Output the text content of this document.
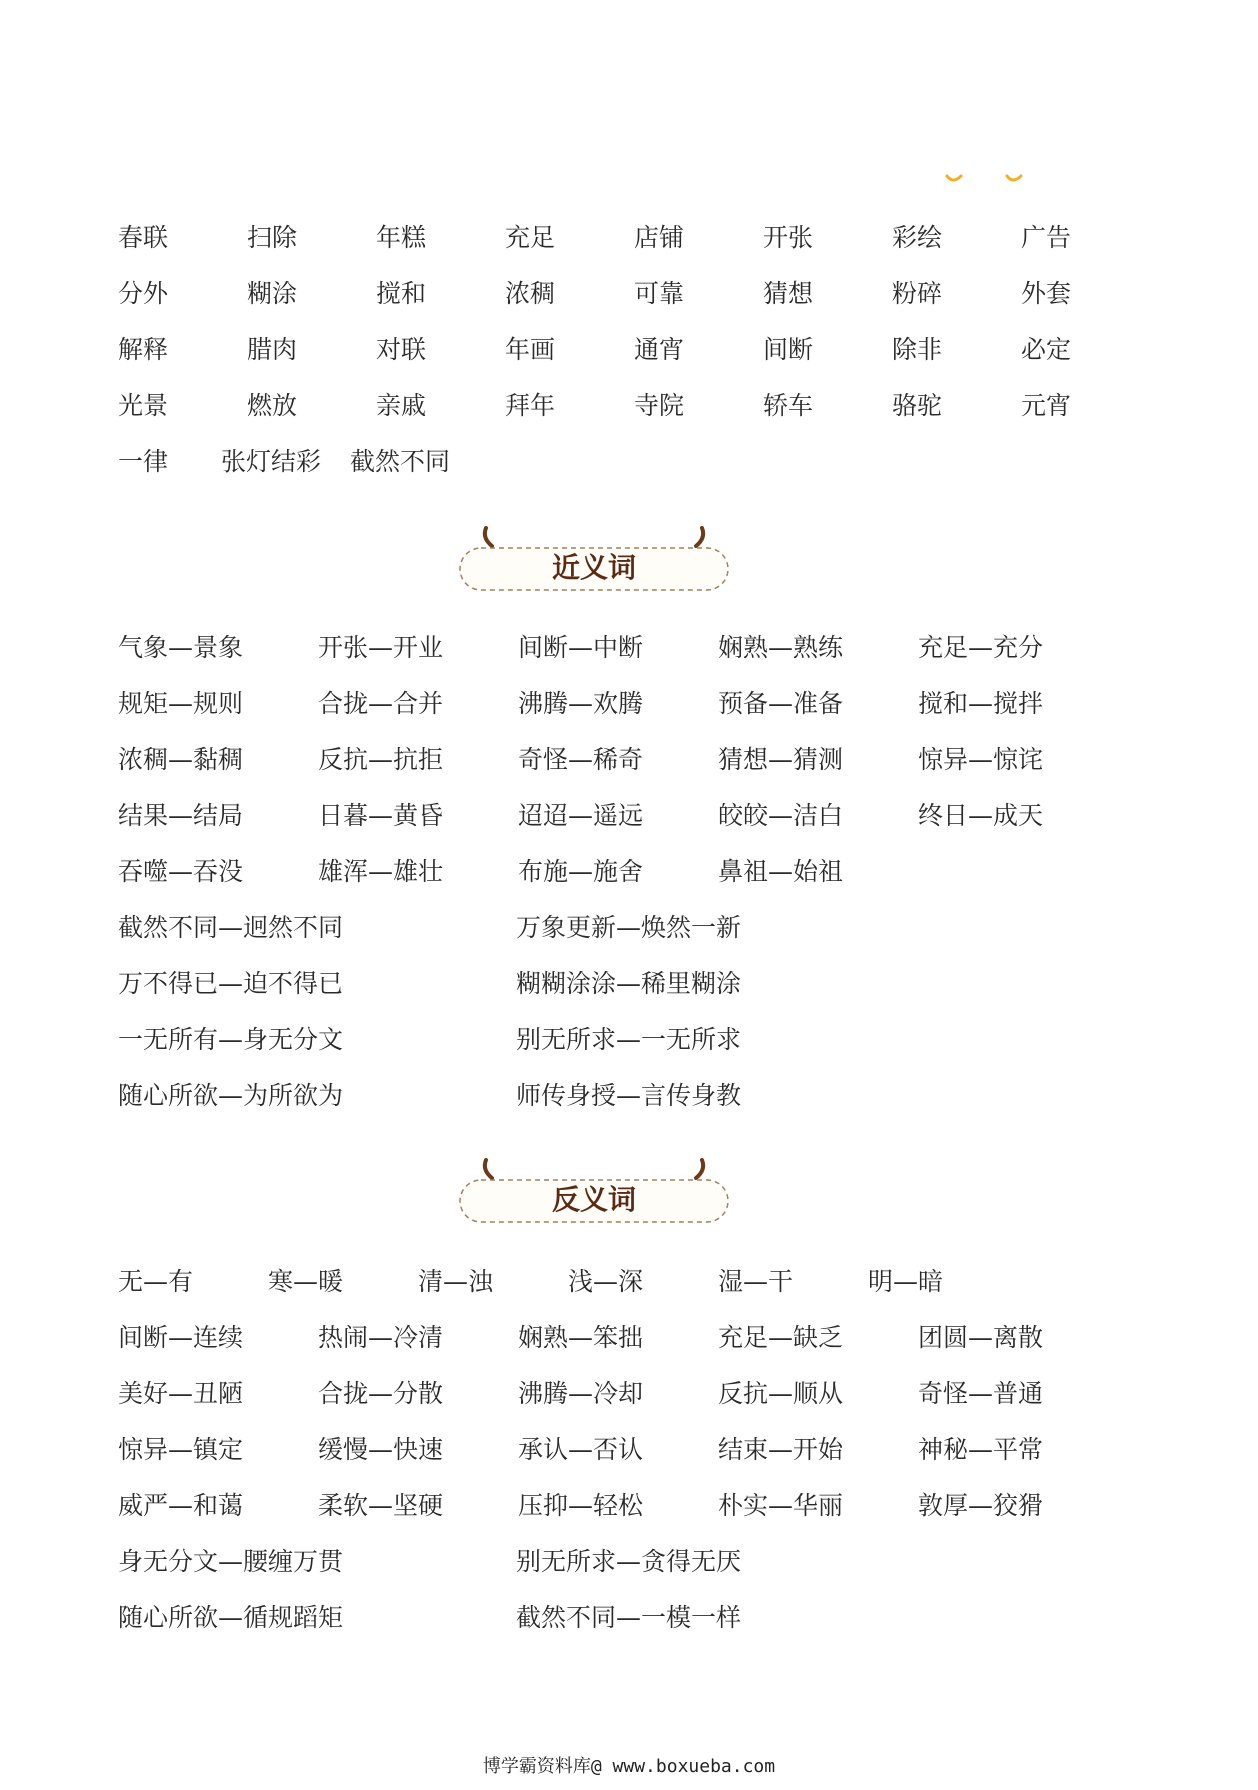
春联	扫除	年糕	充足	店铺	开张	彩绘	广告
分外	糊涂	搅和	浓稠	可靠	猜想	粉碎	外套
解释	腊肉	对联	年画	通宵	间断	除非	必定
光景	燃放	亲戚	拜年	寺院	轿车	骆驼	元宵
一律 张灯结彩 截然不同
近义词
气象—景象	开张—开业	间断—中断	娴熟—熟练	充足—充分
规矩—规则	合拢—合并	沸腾—欢腾	预备—准备	搅和—搅拌
浓稠—黏稠	反抗—抗拒	奇怪—稀奇	猜想—猜测	惊异—惊诧
结果—结局	日暮—黄昏	迢迢—遥远	皎皎—洁白	终日—成天
吞噬—吞没	雄浑—雄壮	布施—施舍	鼻祖—始祖
截然不同—迥然不同	万象更新—焕然一新
万不得已—迫不得已	糊糊涂涂—稀里糊涂
一无所有—身无分文	别无所求—一无所求
随心所欲—为所欲为	师传身授—言传身教
反义词
无—有	寒—暖	清—浊	浅—深	湿—干	明—暗
间断—连续	热闹—冷清	娴熟—笨拙	充足—缺乏	团圆—离散
美好—丑陋	合拢—分散	沸腾—冷却	反抗—顺从	奇怪—普通
惊异—镇定	缓慢—快速	承认—否认	结束—开始	神秘—平常
威严—和蔼	柔软—坚硬	压抑—轻松	朴实—华丽	敦厚—狡猾
身无分文—腰缠万贯	别无所求—贪得无厌
随心所欲—循规蹈矩	截然不同—一模一样
博学霸资料库@ www.boxueba.com
